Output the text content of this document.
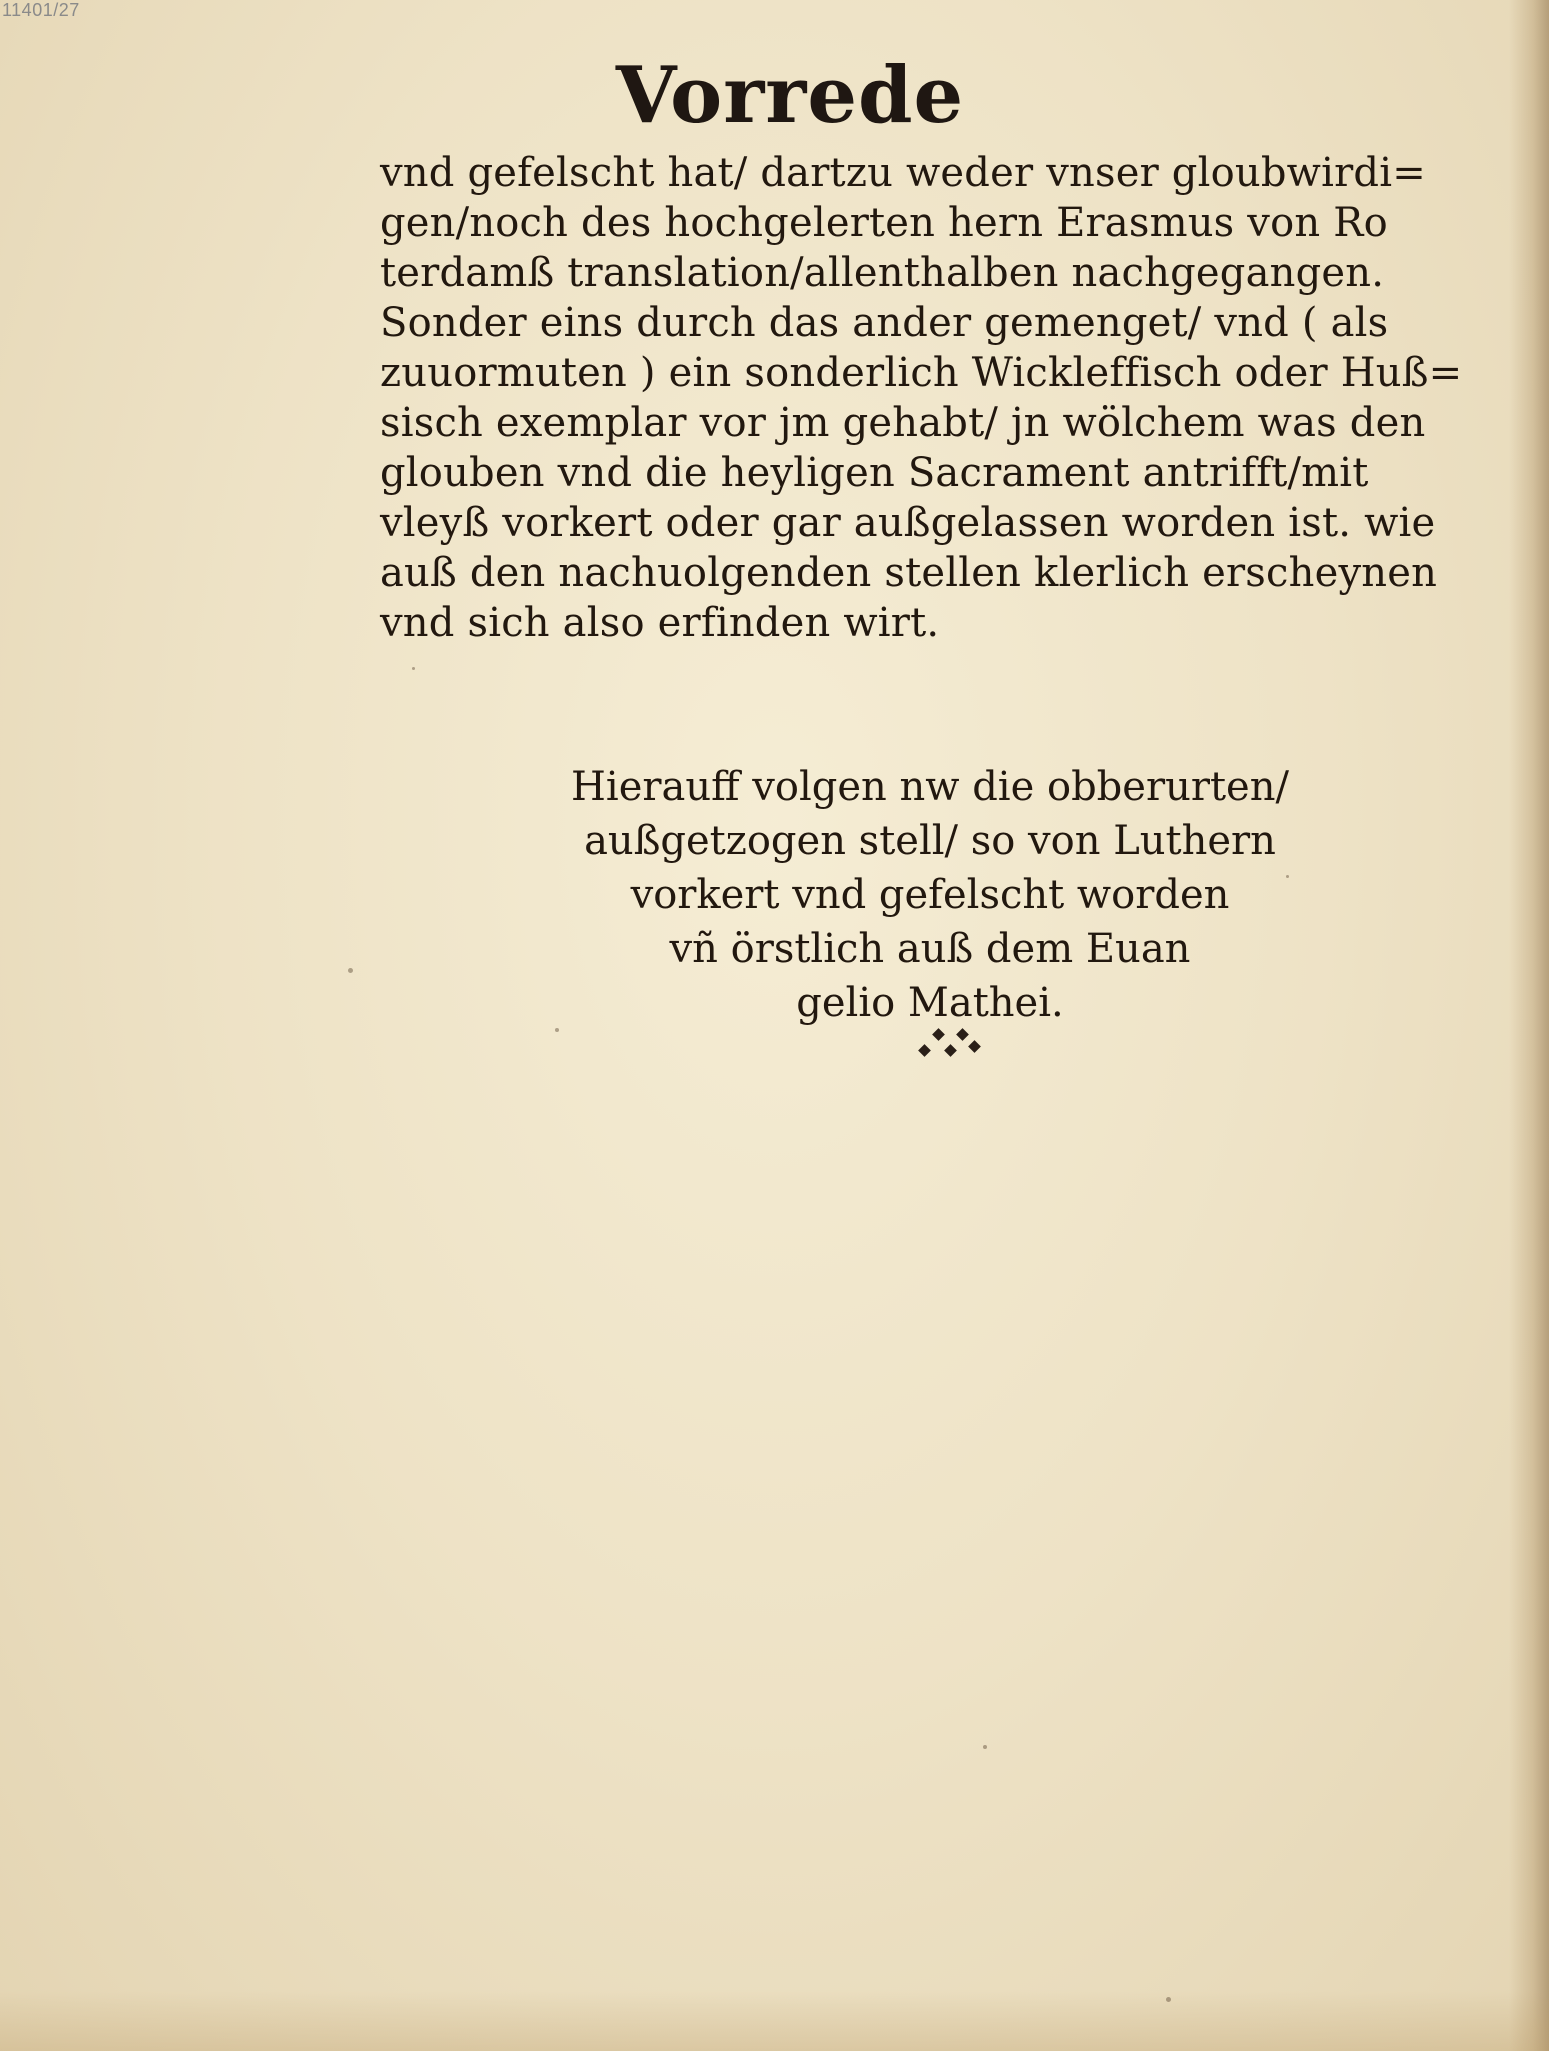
11401/27
Vorrede
vnd gefelscht hat/ dartzu weder vnser gloubwirdi=
gen/noch des hochgelerten hern Erasmus von Ro
terdamß translation/allenthalben nachgegangen.
Sonder eins durch das ander gemenget/ vnd ( als
zuuormuten ) ein sonderlich Wickleffisch oder Huß=
sisch exemplar vor jm gehabt/ jn wölchem was den
glouben vnd die heyligen Sacrament antrifft/mit
vleyß vorkert oder gar außgelassen worden ist. wie
auß den nachuolgenden stellen klerlich erscheynen
vnd sich also erfinden wirt.
Hierauff volgen nw die obberurten/
außgetzogen stell/ so von Luthern
vorkert vnd gefelscht worden
vñ örstlich auß dem Euan
gelio Mathei.
